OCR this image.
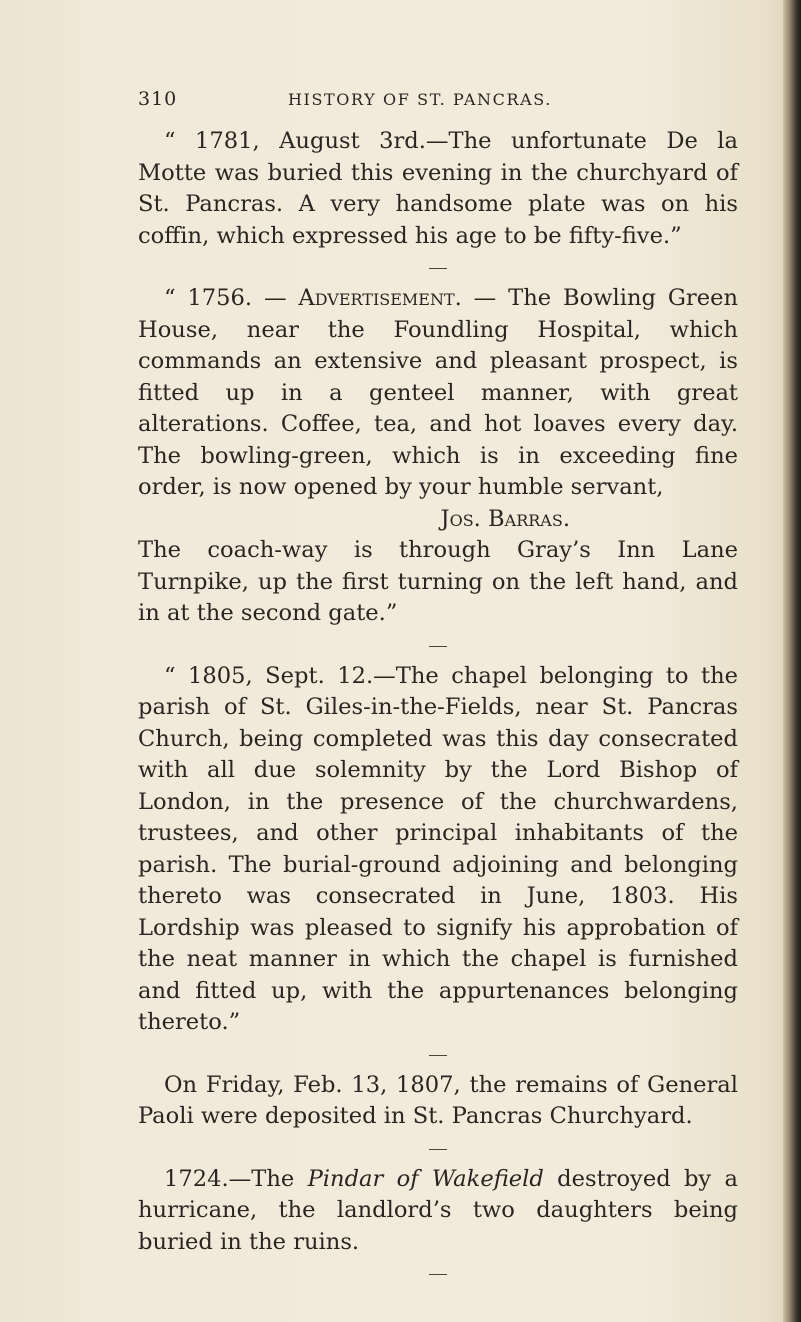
310	HISTORY OF ST. PANCRAS.

“ 1781, August 3rd.—The unfortunate De la Motte was buried this evening in the churchyard of St. Pancras. A very handsome plate was on his coffin, which expressed his age to be fifty-five.”

“ 1756. — Advertisement. — The Bowling Green House, near the Foundling Hospital, which commands an extensive and pleasant prospect, is fitted up in a genteel manner, with great alterations. Coffee, tea, and hot loaves every day. The bowling-green, which is in exceeding fine order, is now opened by your humble servant,

Jos. Barras.

The coach-way is through Gray’s Inn Lane Turnpike, up the first turning on the left hand, and in at the second gate.”

“ 1805, Sept. 12.—The chapel belonging to the parish of St. Giles-in-the-Fields, near St. Pancras Church, being completed was this day consecrated with all due solemnity by the Lord Bishop of London, in the presence of the churchwardens, trustees, and other principal inhabitants of the parish. The burial-ground adjoining and belonging thereto was consecrated in June, 1803. His Lordship was pleased to signify his approbation of the neat manner in which the chapel is furnished and fitted up, with the appurtenances belonging thereto.”

On Friday, Feb. 13, 1807, the remains of General Paoli were deposited in St. Pancras Churchyard.

1724.—The Pindar of Wakefield destroyed by a hurricane, the landlord’s two daughters being buried in the ruins.
